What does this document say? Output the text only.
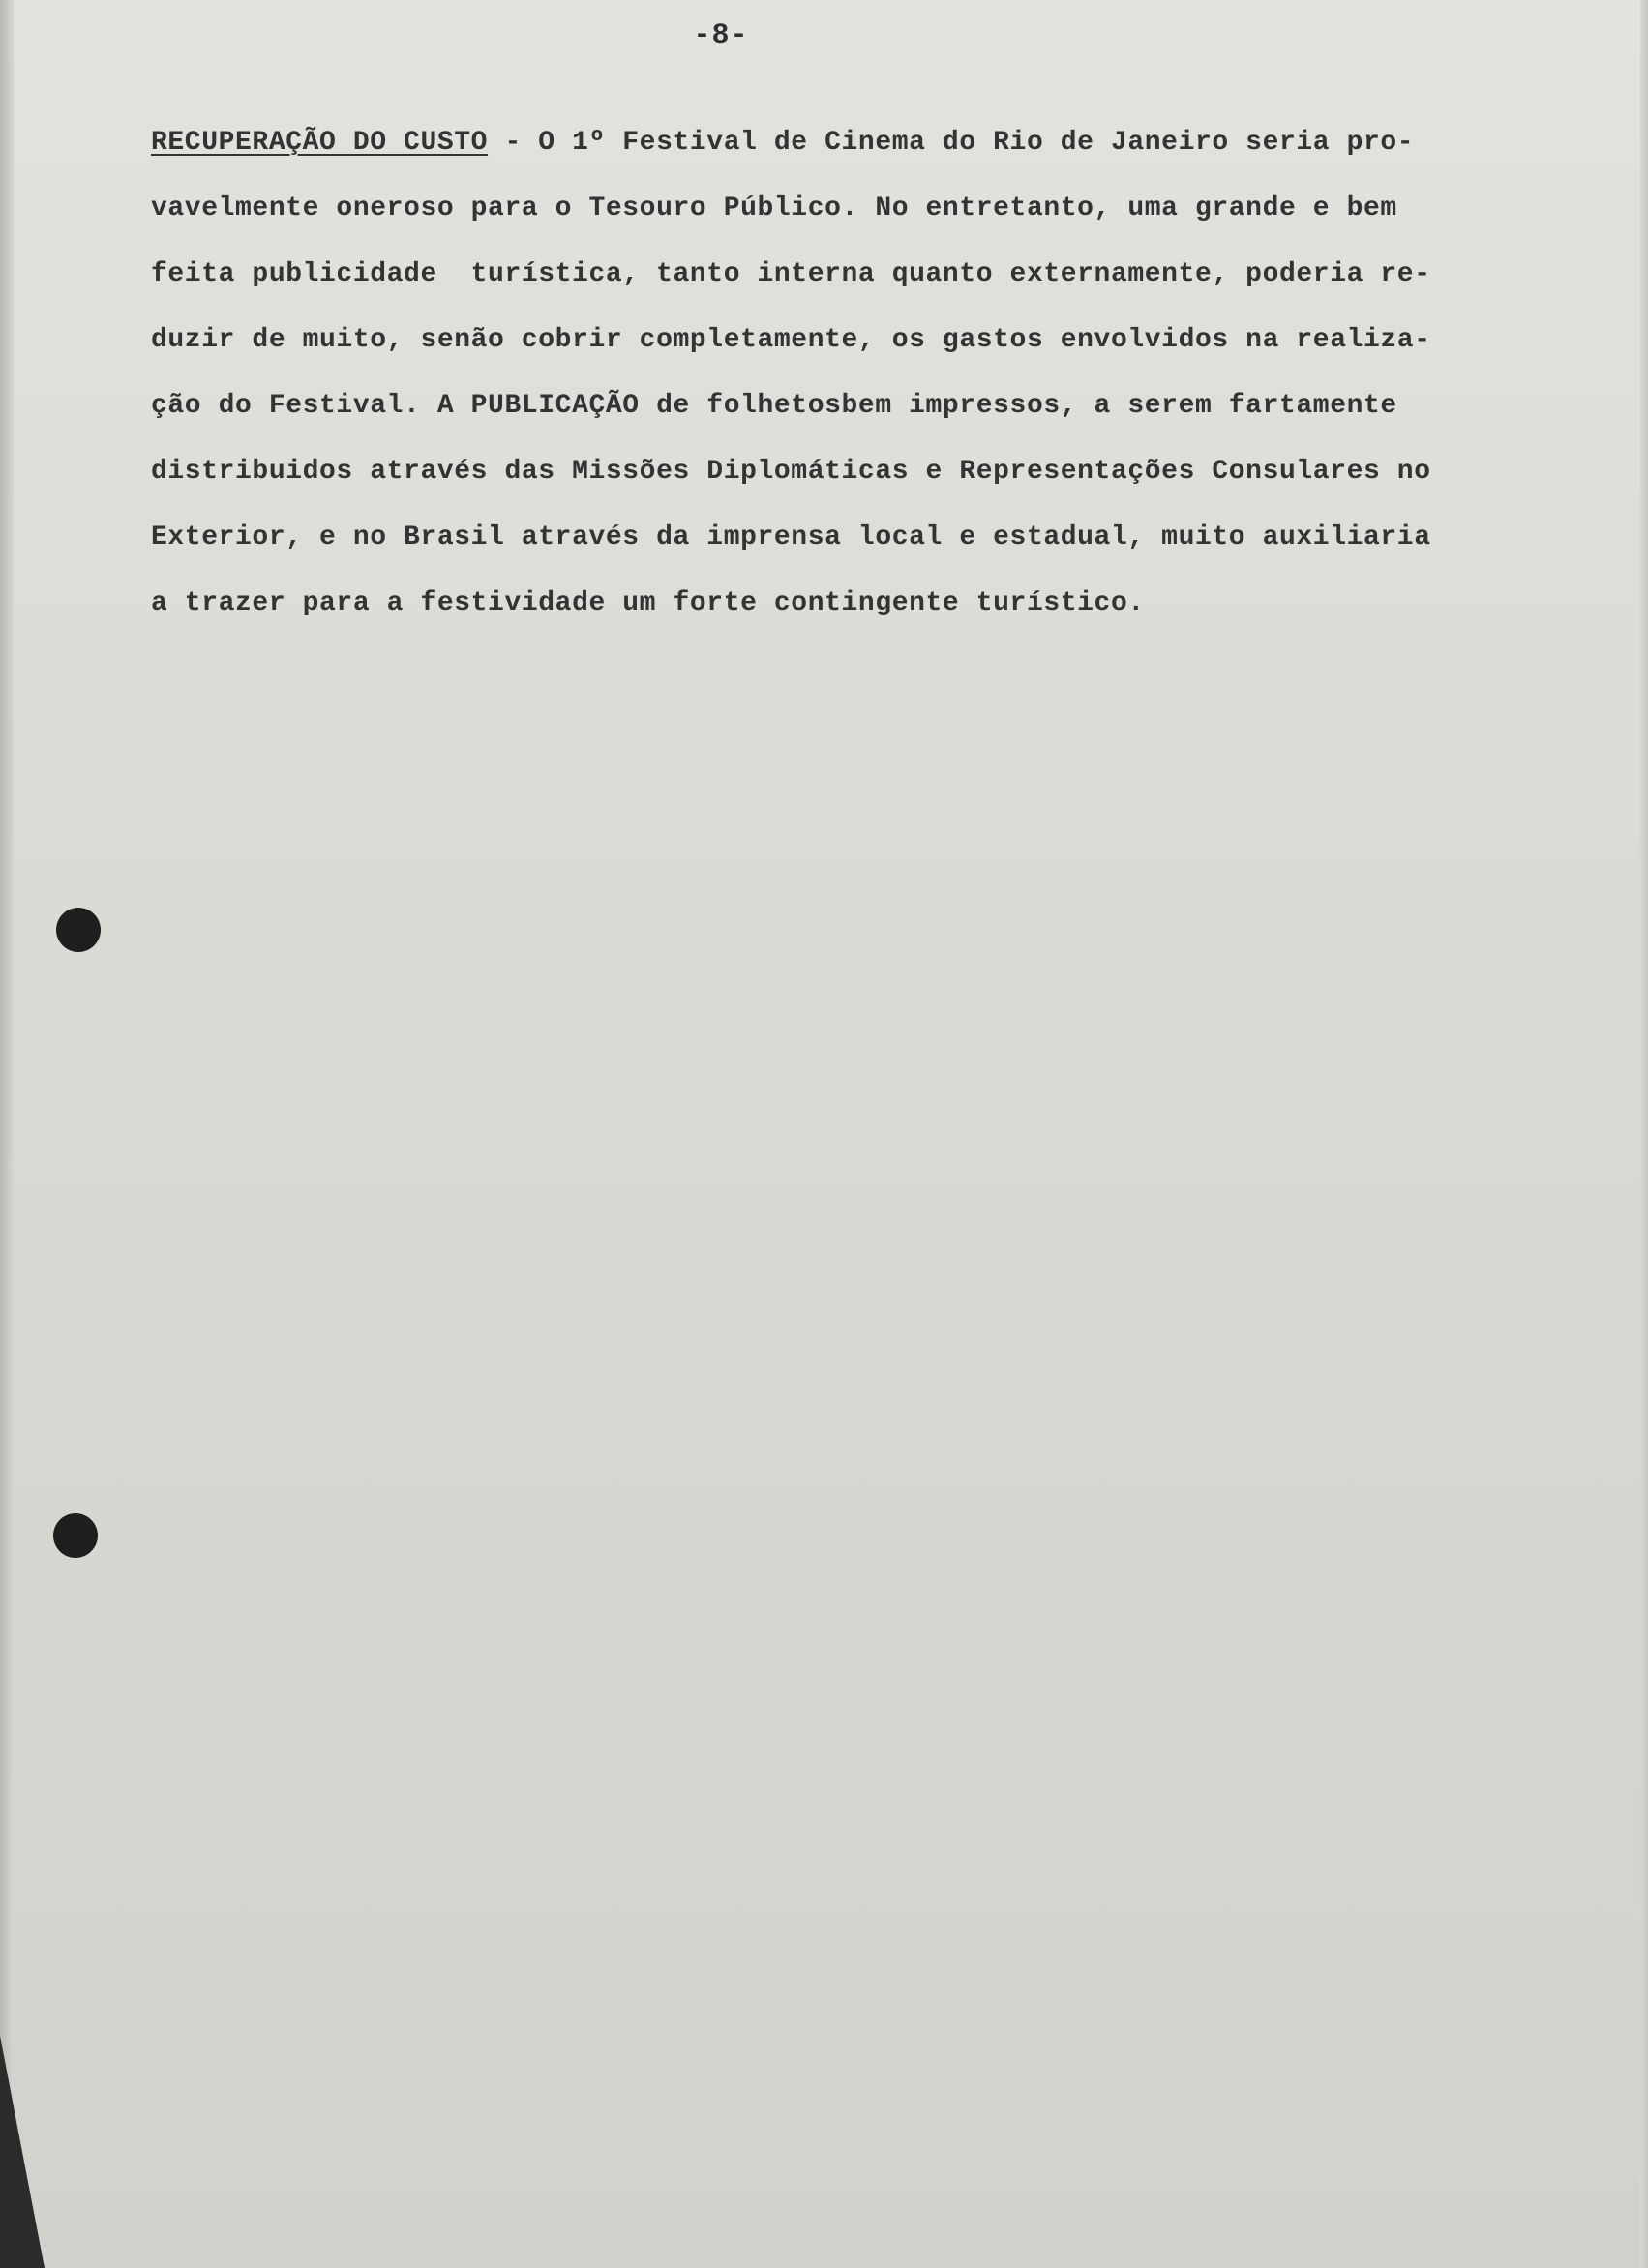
-8-
RECUPERAÇÃO DO CUSTO - O 1º Festival de Cinema do Rio de Janeiro seria pro-
vavelmente oneroso para o Tesouro Público. No entretanto, uma grande e bem
feita publicidade  turística, tanto interna quanto externamente, poderia re-
duzir de muito, senão cobrir completamente, os gastos envolvidos na realiza-
ção do Festival. A PUBLICAÇÃO de folhetosbem impressos, a serem fartamente
distribuidos através das Missões Diplomáticas e Representações Consulares no
Exterior, e no Brasil através da imprensa local e estadual, muito auxiliaria
a trazer para a festividade um forte contingente turístico.
